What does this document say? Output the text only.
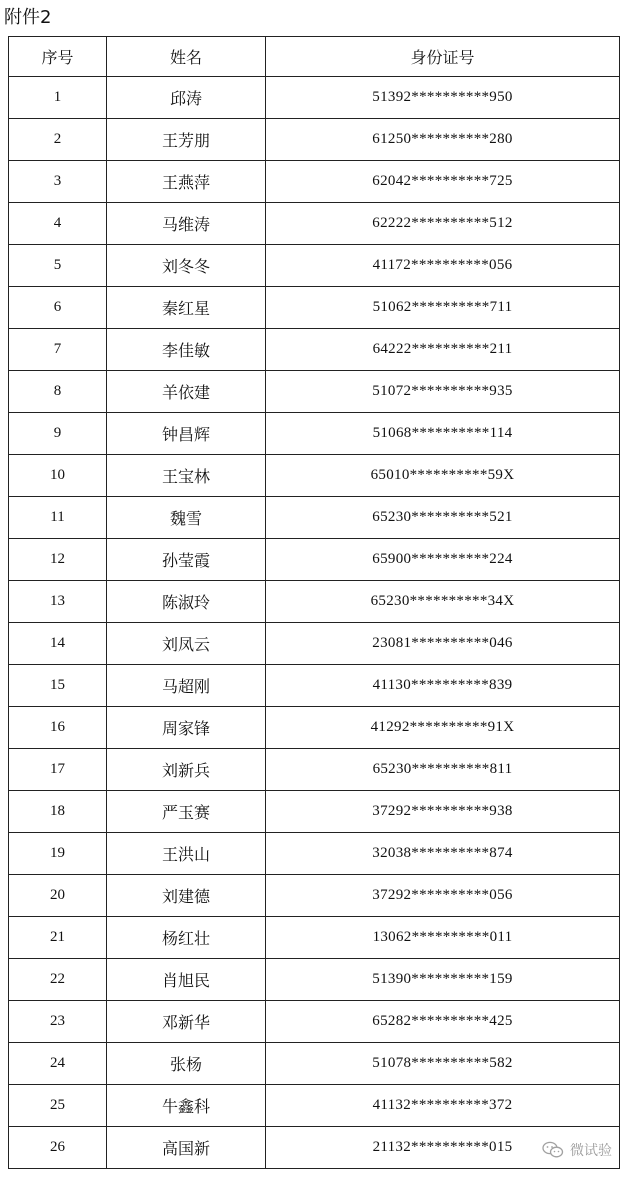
附件2
序号	姓名	身份证号
1	邱涛	51392**********950
2	王芳朋	61250**********280
3	王燕萍	62042**********725
4	马维涛	62222**********512
5	刘冬冬	41172**********056
6	秦红星	51062**********711
7	李佳敏	64222**********211
8	羊依建	51072**********935
9	钟昌辉	51068**********114
10	王宝林	65010**********59X
11	魏雪	65230**********521
12	孙莹霞	65900**********224
13	陈淑玲	65230**********34X
14	刘凤云	23081**********046
15	马超刚	41130**********839
16	周家锋	41292**********91X
17	刘新兵	65230**********811
18	严玉赛	37292**********938
19	王洪山	32038**********874
20	刘建德	37292**********056
21	杨红壮	13062**********011
22	肖旭民	51390**********159
23	邓新华	65282**********425
24	张杨	51078**********582
25	牛鑫科	41132**********372
26	高国新	21132**********015	微试验
